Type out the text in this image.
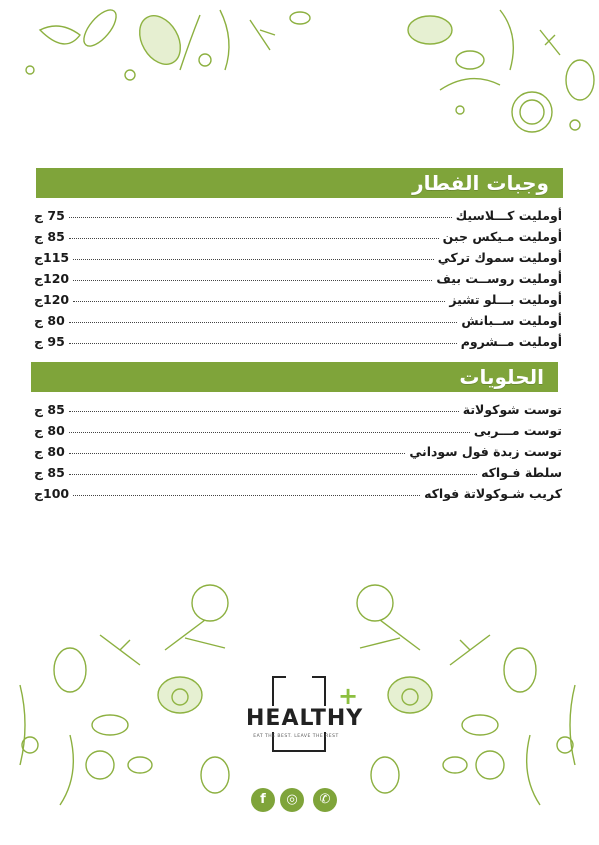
وجبات الفطار
أومليت كـــلاسيك
75 ج
أومليت مـيكس جبن
85 ج
أومليت سموك تركي
115ج
أومليت روســت بيف
120ج
أومليت بـــلو تشيز
120ج
أومليت ســبانش
80 ج
أومليت مــشروم
95 ج
الحلويات
توست شوكولاتة
85 ج
توست مـــربى
80 ج
توست زبدة فول سوداني
80 ج
سلطة فـواكه
85 ج
كريب شـوكولاتة فواكه
100ج
HEALTHY
EAT THE BEST. LEAVE THE REST
+
f	◎	✆
